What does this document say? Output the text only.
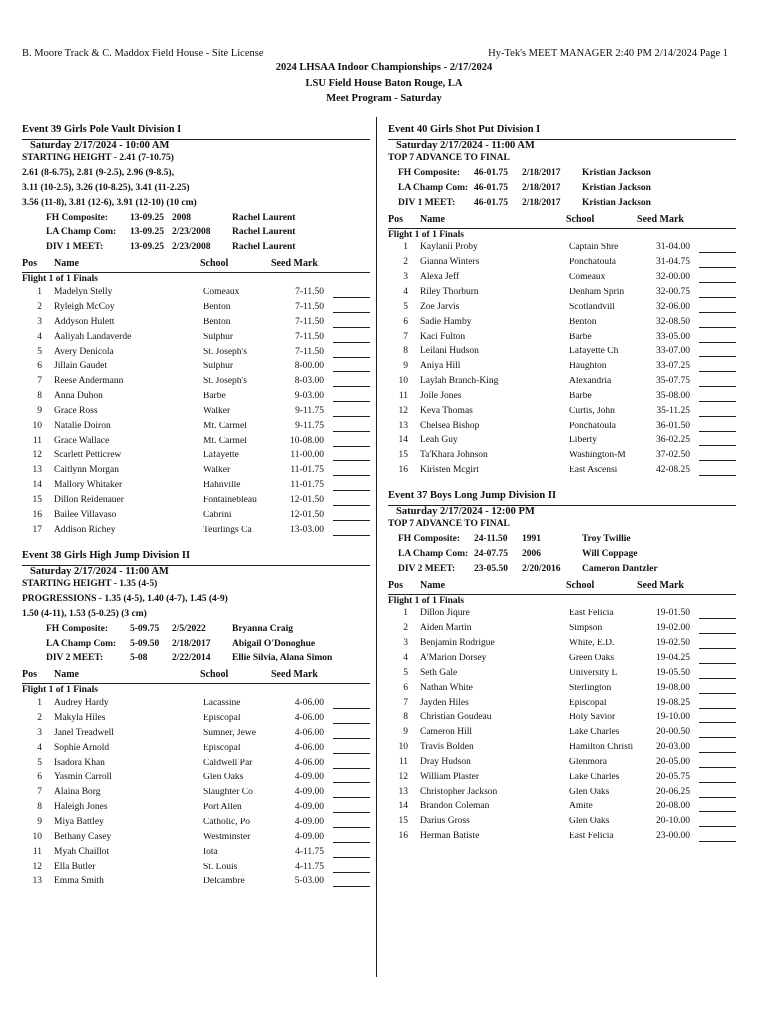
B. Moore Track & C. Maddox Field House - Site License	Hy-Tek's MEET MANAGER 2:40 PM 2/14/2024 Page 1
2024 LHSAA Indoor Championships - 2/17/2024
LSU Field House Baton Rouge, LA
Meet Program - Saturday
Event 39 Girls Pole Vault Division I
Saturday 2/17/2024 - 10:00 AM
STARTING HEIGHT - 2.41 (7-10.75)
2.61 (8-6.75), 2.81 (9-2.5), 2.96 (9-8.5),
3.11 (10-2.5), 3.26 (10-8.25), 3.41 (11-2.25)
3.56 (11-8), 3.81 (12-6), 3.91 (12-10) (10 cm)
FH Composite: 13-09.25 2008	Rachel Laurent
LA Champ Com: 13-09.25 2/23/2008 Rachel Laurent
DIV 1 MEET:	13-09.25 2/23/2008 Rachel Laurent
Pos Name	School	Seed Mark
Flight 1 of 1 Finals
1 Madelyn Stelly	Comeaux	7-11.50
2 Ryleigh McCoy	Benton	7-11.50
3 Addyson Hulett	Benton	7-11.50
4 Aaliyah Landaverde	Sulphur	7-11.50
5 Avery Denicola	St. Joseph's	7-11.50
6 Jillain Gaudet	Sulphur	8-00.00
7 Reese Andermann	St. Joseph's	8-03.00
8 Anna Duhon	Barbe	9-03.00
9 Grace Ross	Walker	9-11.75
10 Natalie Doiron	Mt. Carmel	9-11.75
11 Grace Wallace	Mt. Carmel	10-08.00
12 Scarlett Petticrew	Lafayette	11-00.00
13 Caitlynn Morgan	Walker	11-01.75
14 Mallory Whitaker	Hahnville	11-01.75
15 Dillon Reidenauer	Fontainebleau	12-01.50
16 Bailee Villavaso	Cabrini	12-01.50
17 Addison Richey	Teurlings Ca	13-03.00
Event 38 Girls High Jump Division II
Saturday 2/17/2024 - 11:00 AM
STARTING HEIGHT - 1.35 (4-5)
PROGRESSIONS - 1.35 (4-5), 1.40 (4-7), 1.45 (4-9)
1.50 (4-11), 1.53 (5-0.25) (3 cm)
FH Composite: 5-09.75 2/5/2022	Bryanna Craig
LA Champ Com: 5-09.50 2/18/2017 Abigail O'Donoghue
DIV 2 MEET:	5-08	2/22/2014 Ellie Silvia, Alana Simon
Pos Name	School	Seed Mark
Flight 1 of 1 Finals
1 Audrey Hardy	Lacassine	4-06.00
2 Makyla Hiles	Episcopal	4-06.00
3 Janel Treadwell	Sumner, Jewe	4-06.00
4 Sophie Arnold	Episcopal	4-06.00
5 Isadora Khan	Caldwell Par	4-06.00
6 Yasmin Carroll	Glen Oaks	4-09.00
7 Alaina Borg	Slaughter Co	4-09.00
8 Haleigh Jones	Port Allen	4-09.00
9 Miya Battley	Catholic, Po	4-09.00
10 Bethany Casey	Westminster	4-09.00
11 Myah Chaillot	Iota	4-11.75
12 Ella Butler	St. Louis	4-11.75
13 Emma Smith	Delcambre	5-03.00
Event 40 Girls Shot Put Division I
Saturday 2/17/2024 - 11:00 AM
TOP 7 ADVANCE TO FINAL
FH Composite: 46-01.75 2/18/2017 Kristian Jackson
LA Champ Com: 46-01.75 2/18/2017 Kristian Jackson
DIV 1 MEET: 46-01.75 2/18/2017 Kristian Jackson
Pos Name	School	Seed Mark
Flight 1 of 1 Finals
1 Kaylanii Proby	Captain Shre	31-04.00
2 Gianna Winters	Ponchatoula	31-04.75
3 Alexa Jeff	Comeaux	32-00.00
4 Riley Thorburn	Denham Sprin	32-00.75
5 Zoe Jarvis	Scotlandvill	32-06.00
6 Sadie Hamby	Benton	32-08.50
7 Kaci Fulton	Barbe	33-05.00
8 Leilani Hudson	Lafayette Ch	33-07.00
9 Aniya Hill	Haughton	33-07.25
10 Laylah Branch-King	Alexandria	35-07.75
11 Joile Jones	Barbe	35-08.00
12 Keva Thomas	Curtis, John	35-11.25
13 Chelsea Bishop	Ponchatoula	36-01.50
14 Leah Guy	Liberty	36-02.25
15 Ta'Khara Johnson	Washington-M	37-02.50
16 Kiristen Mcgirt	East Ascensi	42-08.25
Event 37 Boys Long Jump Division II
Saturday 2/17/2024 - 12:00 PM
TOP 7 ADVANCE TO FINAL
FH Composite: 24-11.50 1991	Troy Twillie
LA Champ Com: 24-07.75 2006	Will Coppage
DIV 2 MEET: 23-05.50 2/20/2016 Cameron Dantzler
Pos Name	School	Seed Mark
Flight 1 of 1 Finals
1 Dillon Jiqure	East Felicia	19-01.50
2 Aiden Martin	Simpson	19-02.00
3 Benjamin Rodrigue	White, E.D.	19-02.50
4 A'Marion Dorsey	Green Oaks	19-04.25
5 Seth Gale	University L	19-05.50
6 Nathan White	Sterlington	19-08.00
7 Jayden Hiles	Episcopal	19-08.25
8 Christian Goudeau	Holy Savior	19-10.00
9 Cameron Hill	Lake Charles	20-00.50
10 Travis Bolden	Hamilton Christi	20-03.00
11 Dray Hudson	Glenmora	20-05.00
12 William Plaster	Lake Charles	20-05.75
13 Christopher Jackson	Glen Oaks	20-06.25
14 Brandon Coleman	Amite	20-08.00
15 Darius Gross	Glen Oaks	20-10.00
16 Herman Batiste	East Felicia	23-00.00
